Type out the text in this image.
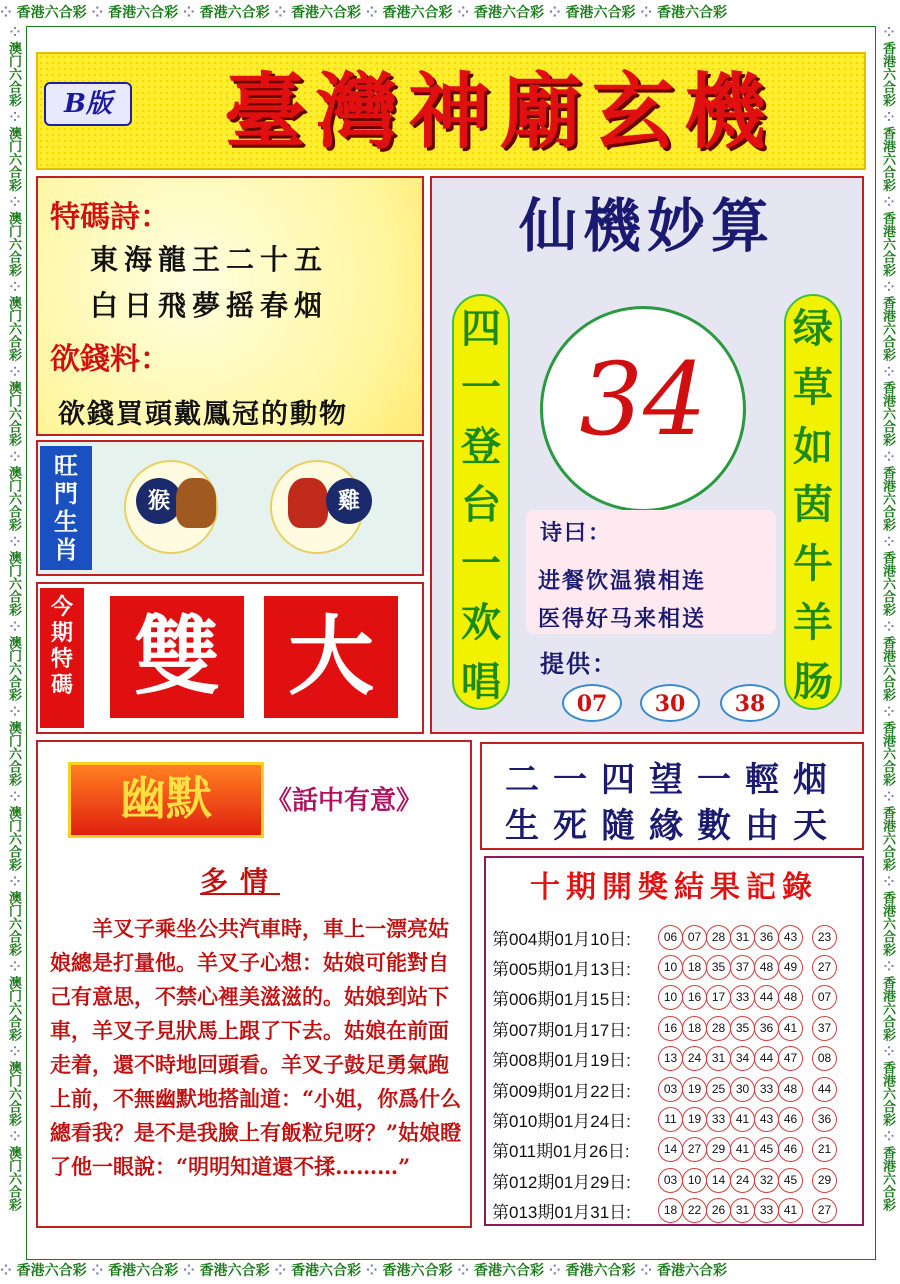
⁘ 香港六合彩 ⁘ 香港六合彩 ⁘ 香港六合彩 ⁘ 香港六合彩 ⁘ 香港六合彩 ⁘ 香港六合彩 ⁘ 香港六合彩 ⁘ 香港六合彩
⁘ 香港六合彩 ⁘ 香港六合彩 ⁘ 香港六合彩 ⁘ 香港六合彩 ⁘ 香港六合彩 ⁘ 香港六合彩 ⁘ 香港六合彩 ⁘ 香港六合彩
⁘ 澳门六合彩 ⁘ 澳门六合彩 ⁘ 澳门六合彩 ⁘ 澳门六合彩 ⁘ 澳门六合彩 ⁘ 澳门六合彩 ⁘ 澳门六合彩 ⁘ 澳门六合彩 ⁘ 澳门六合彩 ⁘ 澳门六合彩 ⁘ 澳门六合彩 ⁘ 澳门六合彩 ⁘ 澳门六合彩 ⁘ 澳门六合彩
⁘ 香港六合彩 ⁘ 香港六合彩 ⁘ 香港六合彩 ⁘ 香港六合彩 ⁘ 香港六合彩 ⁘ 香港六合彩 ⁘ 香港六合彩 ⁘ 香港六合彩 ⁘ 香港六合彩 ⁘ 香港六合彩 ⁘ 香港六合彩 ⁘ 香港六合彩 ⁘ 香港六合彩 ⁘ 香港六合彩
B版	臺灣神廟玄機
特碼詩：
東海龍王二十五
白日飛夢摇春烟
欲錢料：
欲錢買頭戴鳳冠的動物
旺
門
生
肖
猴	雞
今
期
特
碼 雙 大
仙機妙算
四
一
登
台
一
欢
唱
绿
草
如
茵
牛
羊
肠
34
诗曰：
进餐饮温猿相连
医得好马来相送
提供：
07	30	38
幽默	《話中有意》
多情
羊叉子乘坐公共汽車時，車上一漂亮姑娘總是打量他。羊叉子心想：姑娘可能對自己有意思，不禁心裡美滋滋的。姑娘到站下車，羊叉子見狀馬上跟了下去。姑娘在前面走着，還不時地回頭看。羊叉子鼓足勇氣跑上前，不無幽默地搭訕道：“小姐，你爲什么總看我？是不是我臉上有飯粒兒呀？”姑娘瞪了他一眼說：“明明知道還不揉………”
二一四望一輕烟
生死隨緣數由天
十期開獎結果記錄
第004期01月10日:	06 07 28 31 36 43	23
第005期01月13日:	10 18 35 37 48 49	27
第006期01月15日:	10 16 17 33 44 48	07
第007期01月17日:	16 18 28 35 36 41	37
第008期01月19日:	13 24 31 34 44 47	08
第009期01月22日:	03 19 25 30 33 48	44
第010期01月24日:	11 19 33 41 43 46	36
第011期01月26日:	14 27 29 41 45 46	21
第012期01月29日:	03 10 14 24 32 45	29
第013期01月31日:	18 22 26 31 33 41	27
